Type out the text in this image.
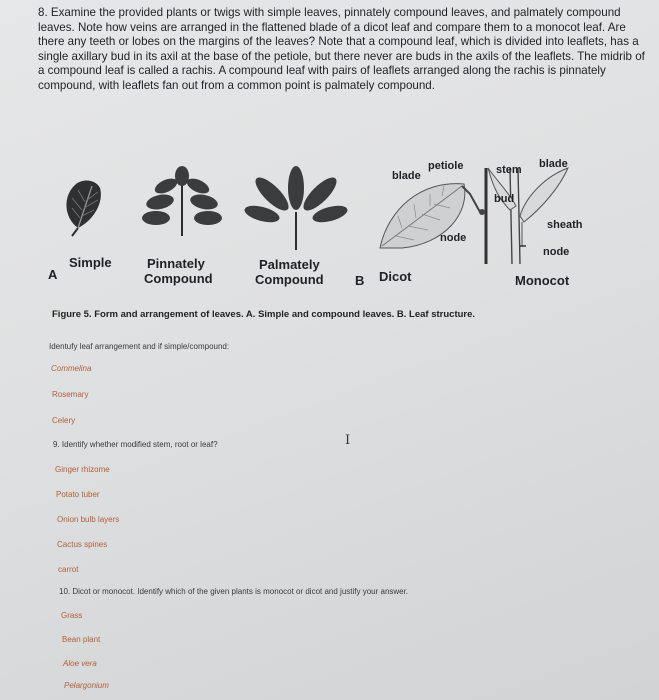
8. Examine the provided plants or twigs with simple leaves, pinnately compound leaves, and palmately compound leaves. Note how veins are arranged in the flattened blade of a dicot leaf and compare them to a monocot leaf. Are there any teeth or lobes on the margins of the leaves? Note that a compound leaf, which is divided into leaflets, has a single axillary bud in its axil at the base of the petiole, but there never are buds in the axils of the leaflets. The midrib of a compound leaf is called a rachis. A compound leaf with pairs of leaflets arranged along the rachis is pinnately compound, with leaflets fan out from a common point is palmately compound.
blade
petiole	stem blade
bud
sheath
node
node
Simple
A
Pinnately
Compound
Palmately
Compound B Dicot	Monocot
Figure 5. Form and arrangement of leaves. A. Simple and compound leaves. B. Leaf structure.
Identufy leaf arrangement and if simple/compound:
Commelina
Rosemary
Celery
9. Identify whether modified stem, root or leaf?	I
Ginger rhizome
Potato tuber
Onion bulb layers
Cactus spines
carrot
10. Dicot or monocot. Identify which of the given plants is monocot or dicot and justify your answer.
Grass
Bean plant
Aloe vera
Pelargonium
